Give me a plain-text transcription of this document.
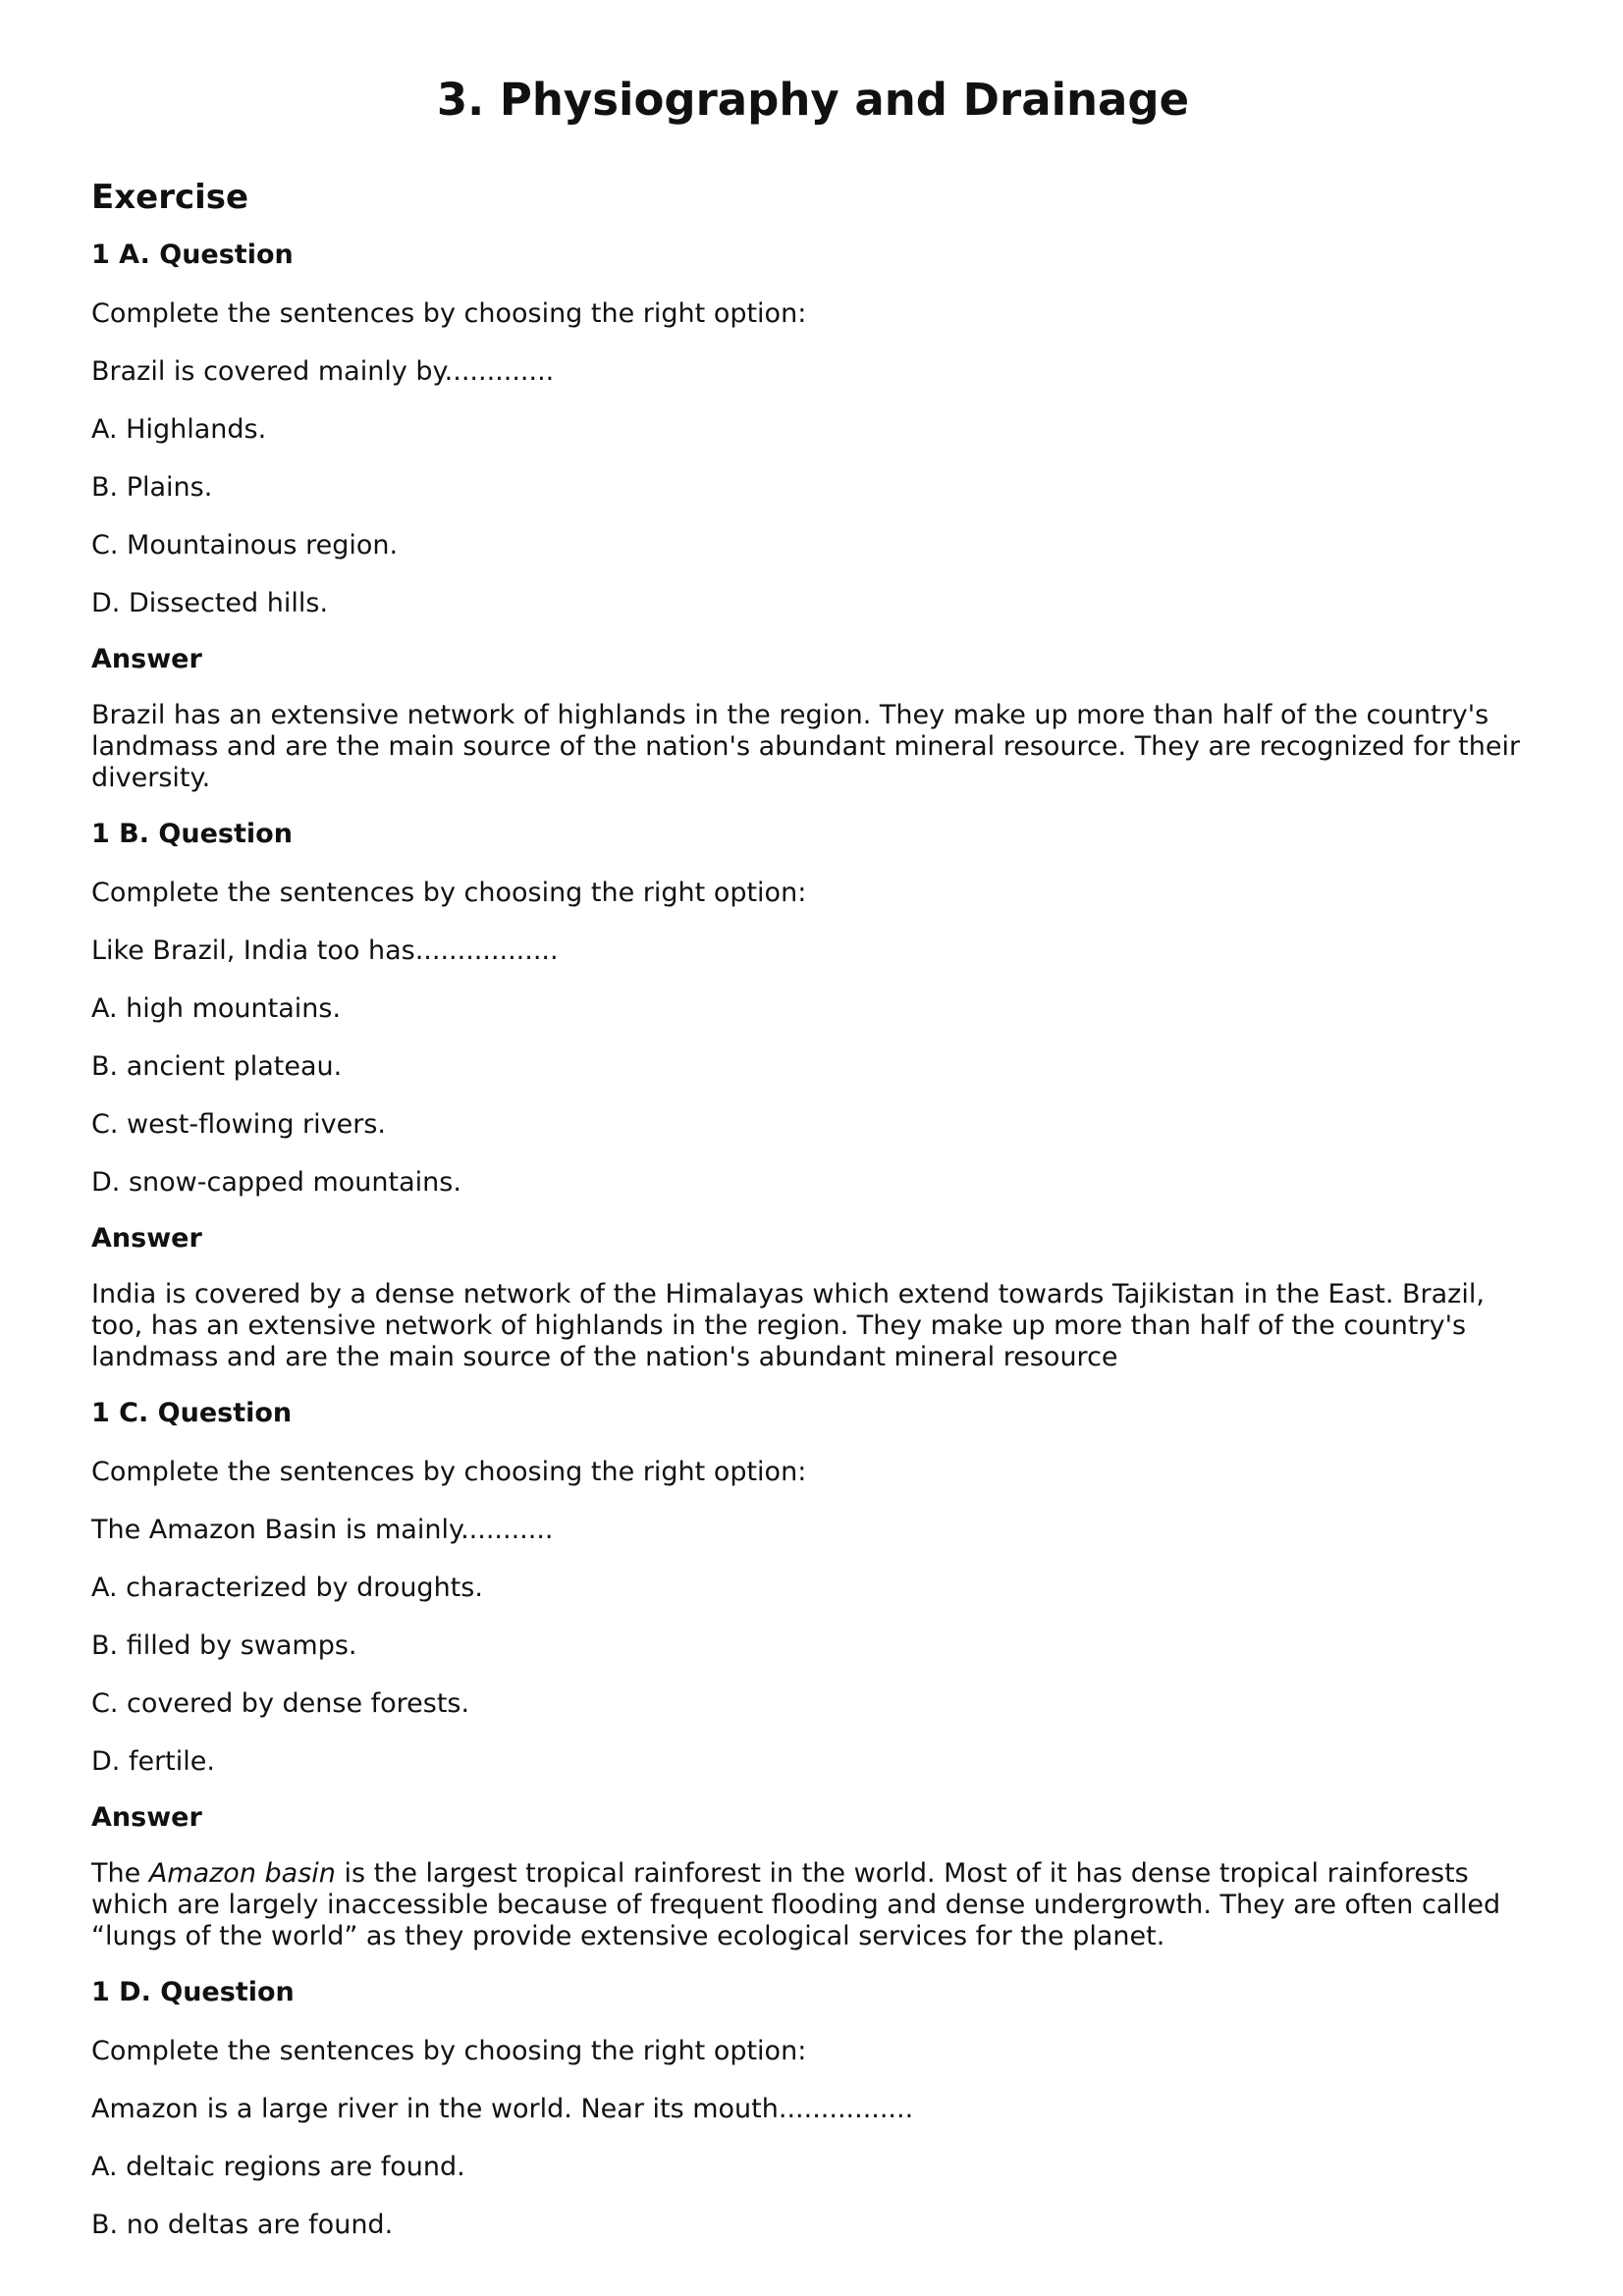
3. Physiography and Drainage
Exercise
1 A. Question

Complete the sentences by choosing the right option:

Brazil is covered mainly by.............

A. Highlands.

B. Plains.

C. Mountainous region.

D. Dissected hills.

Answer
Brazil has an extensive network of highlands in the region. They make up more than half of the country's landmass and are the main source of the nation's abundant mineral resource. They are recognized for their diversity.
1 B. Question

Complete the sentences by choosing the right option:

Like Brazil, India too has.................

A. high mountains.

B. ancient plateau.

C. west-flowing rivers.

D. snow-capped mountains.

Answer
India is covered by a dense network of the Himalayas which extend towards Tajikistan in the East. Brazil, too, has an extensive network of highlands in the region. They make up more than half of the country's landmass and are the main source of the nation's abundant mineral resource
1 C. Question

Complete the sentences by choosing the right option:

The Amazon Basin is mainly...........

A. characterized by droughts.

B. filled by swamps.

C. covered by dense forests.

D. fertile.

Answer
The Amazon basin is the largest tropical rainforest in the world. Most of it has dense tropical rainforests which are largely inaccessible because of frequent flooding and dense undergrowth. They are often called “lungs of the world” as they provide extensive ecological services for the planet.
1 D. Question

Complete the sentences by choosing the right option:

Amazon is a large river in the world. Near its mouth................

A. deltaic regions are found.

B. no deltas are found.
